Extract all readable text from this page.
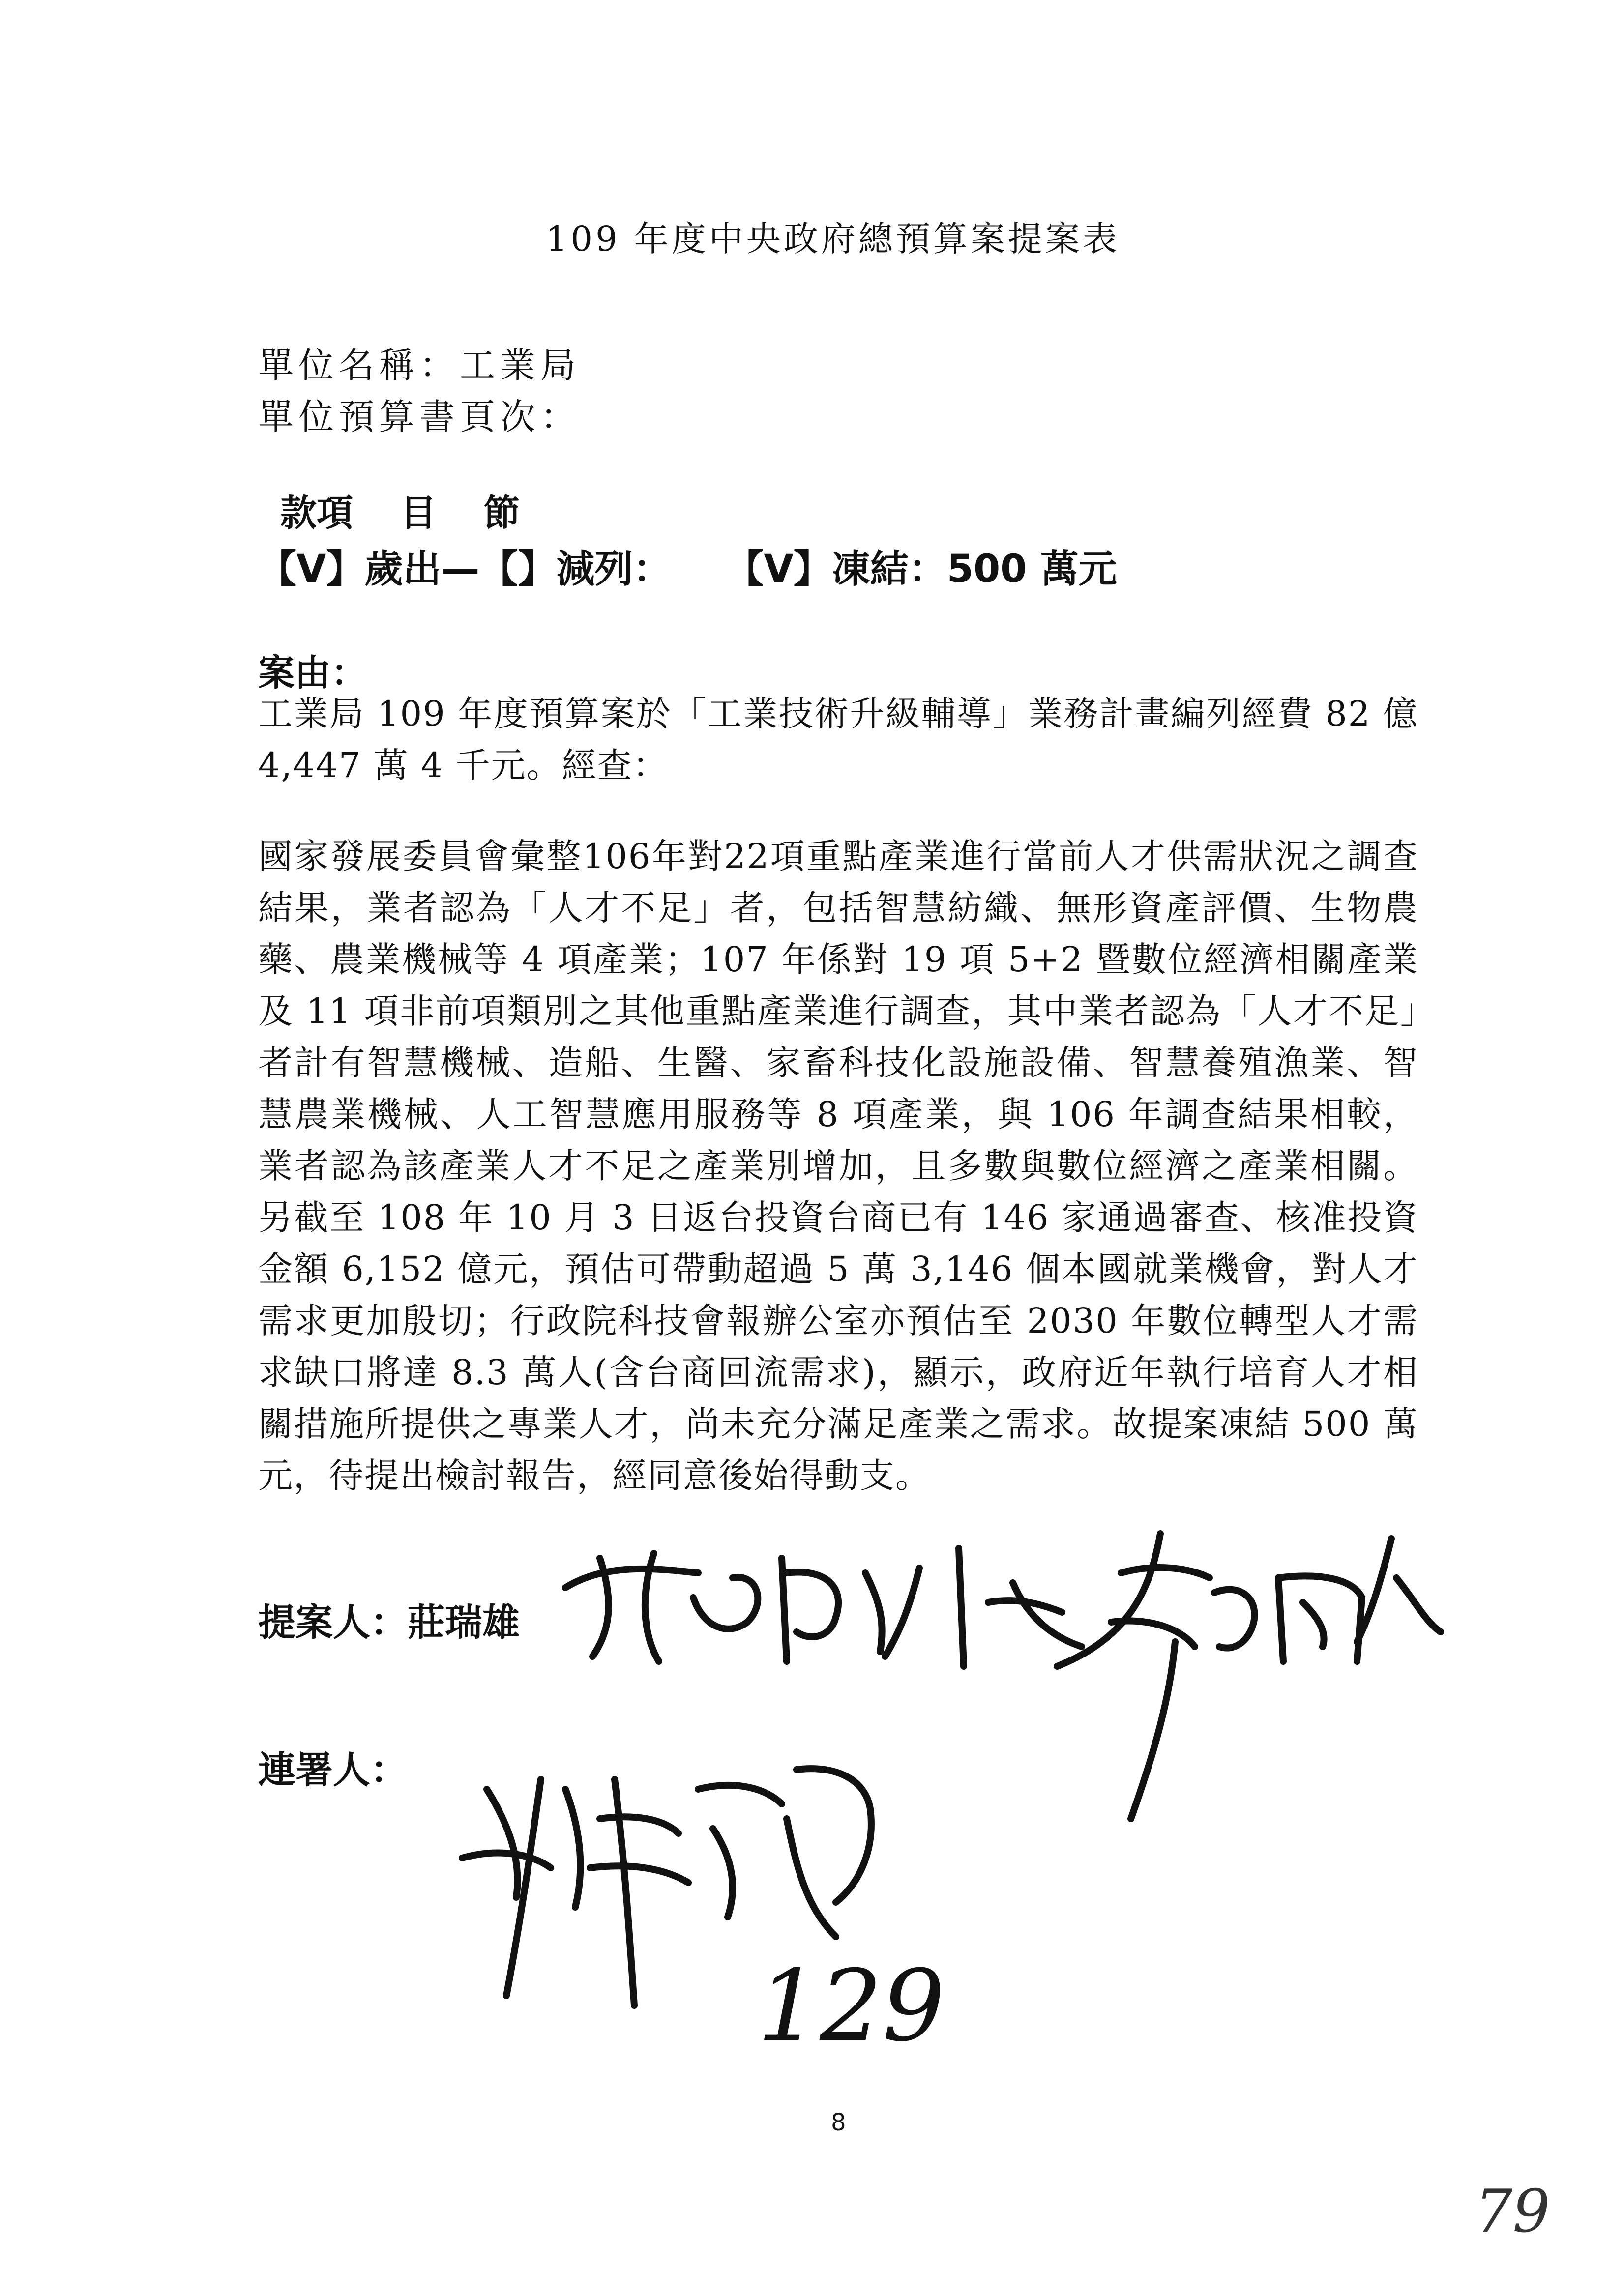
109 年度中央政府總預算案提案表
單位名稱：工業局
單位預算書頁次：
款項 目 節
【V】歲出—【】減列： 【V】凍結：500 萬元
案由：
工業局 109 年度預算案於「工業技術升級輔導」業務計畫編列經費 82 億 4,447 萬 4 千元。經查：
國家發展委員會彙整106年對22項重點產業進行當前人才供需狀況之調查結果，業者認為「人才不足」者，包括智慧紡織、無形資產評價、生物農藥、農業機械等 4 項產業；107 年係對 19 項 5+2 暨數位經濟相關產業及 11 項非前項類別之其他重點產業進行調查，其中業者認為「人才不足」者計有智慧機械、造船、生醫、家畜科技化設施設備、智慧養殖漁業、智慧農業機械、人工智慧應用服務等 8 項產業，與 106 年調查結果相較，業者認為該產業人才不足之產業別增加，且多數與數位經濟之產業相關。另截至 108 年 10 月 3 日返台投資台商已有 146 家通過審查、核准投資金額 6,152 億元，預估可帶動超過 5 萬 3,146 個本國就業機會，對人才需求更加殷切；行政院科技會報辦公室亦預估至 2030 年數位轉型人才需求缺口將達 8.3 萬人(含台商回流需求)，顯示，政府近年執行培育人才相關措施所提供之專業人才，尚未充分滿足產業之需求。故提案凍結 500 萬元，待提出檢討報告，經同意後始得動支。
提案人：莊瑞雄
連署人：
129
79
8
